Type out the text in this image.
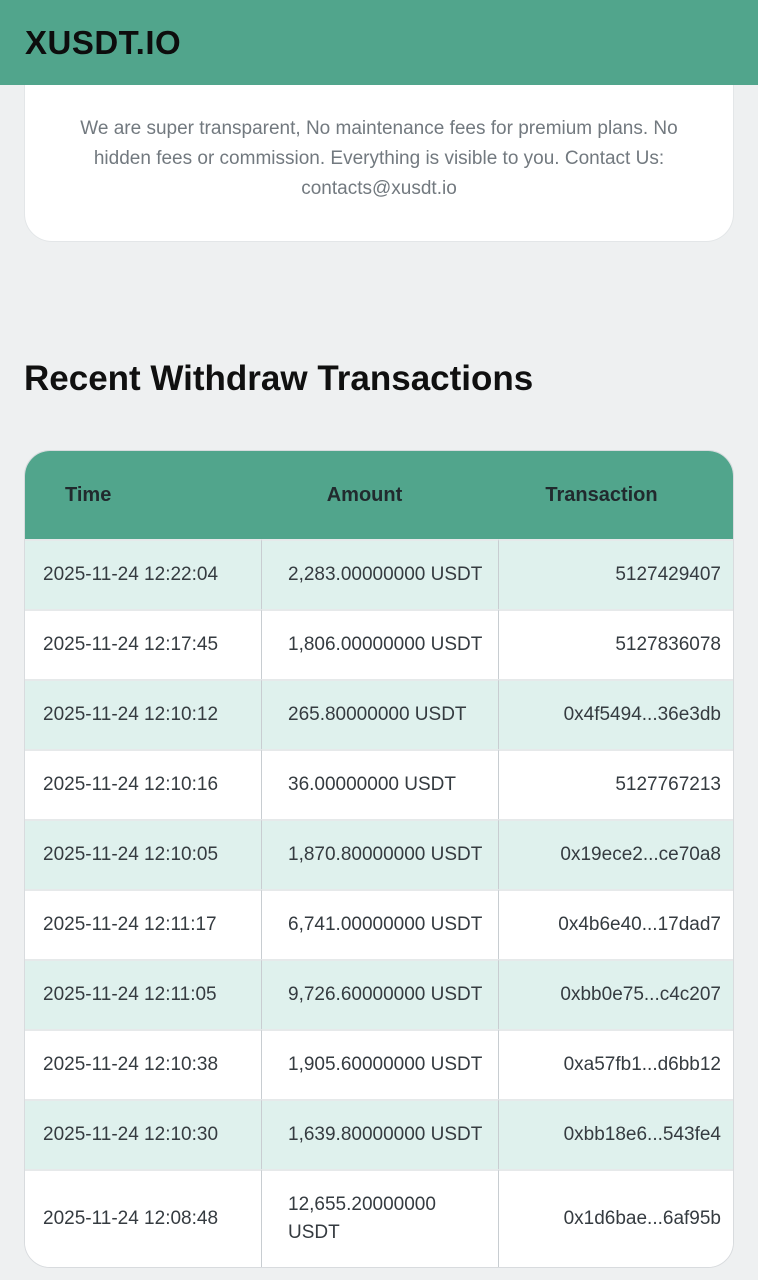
XUSDT.IO

We are super transparent, No maintenance fees for premium plans. No hidden fees or commission. Everything is visible to you. Contact Us: contacts@xusdt.io

Recent Withdraw Transactions
Time	Amount	Transaction
2025-11-24 12:22:04	2,283.00000000 USDT	5127429407
2025-11-24 12:17:45	1,806.00000000 USDT	5127836078
2025-11-24 12:10:12	265.80000000 USDT	0x4f5494...36e3db
2025-11-24 12:10:16	36.00000000 USDT	5127767213
2025-11-24 12:10:05	1,870.80000000 USDT	0x19ece2...ce70a8
2025-11-24 12:11:17	6,741.00000000 USDT	0x4b6e40...17dad7
2025-11-24 12:11:05	9,726.60000000 USDT	0xbb0e75...c4c207
2025-11-24 12:10:38	1,905.60000000 USDT	0xa57fb1...d6bb12
2025-11-24 12:10:30	1,639.80000000 USDT	0xbb18e6...543fe4
2025-11-24 12:08:48	12,655.20000000 USDT	0x1d6bae...6af95b
